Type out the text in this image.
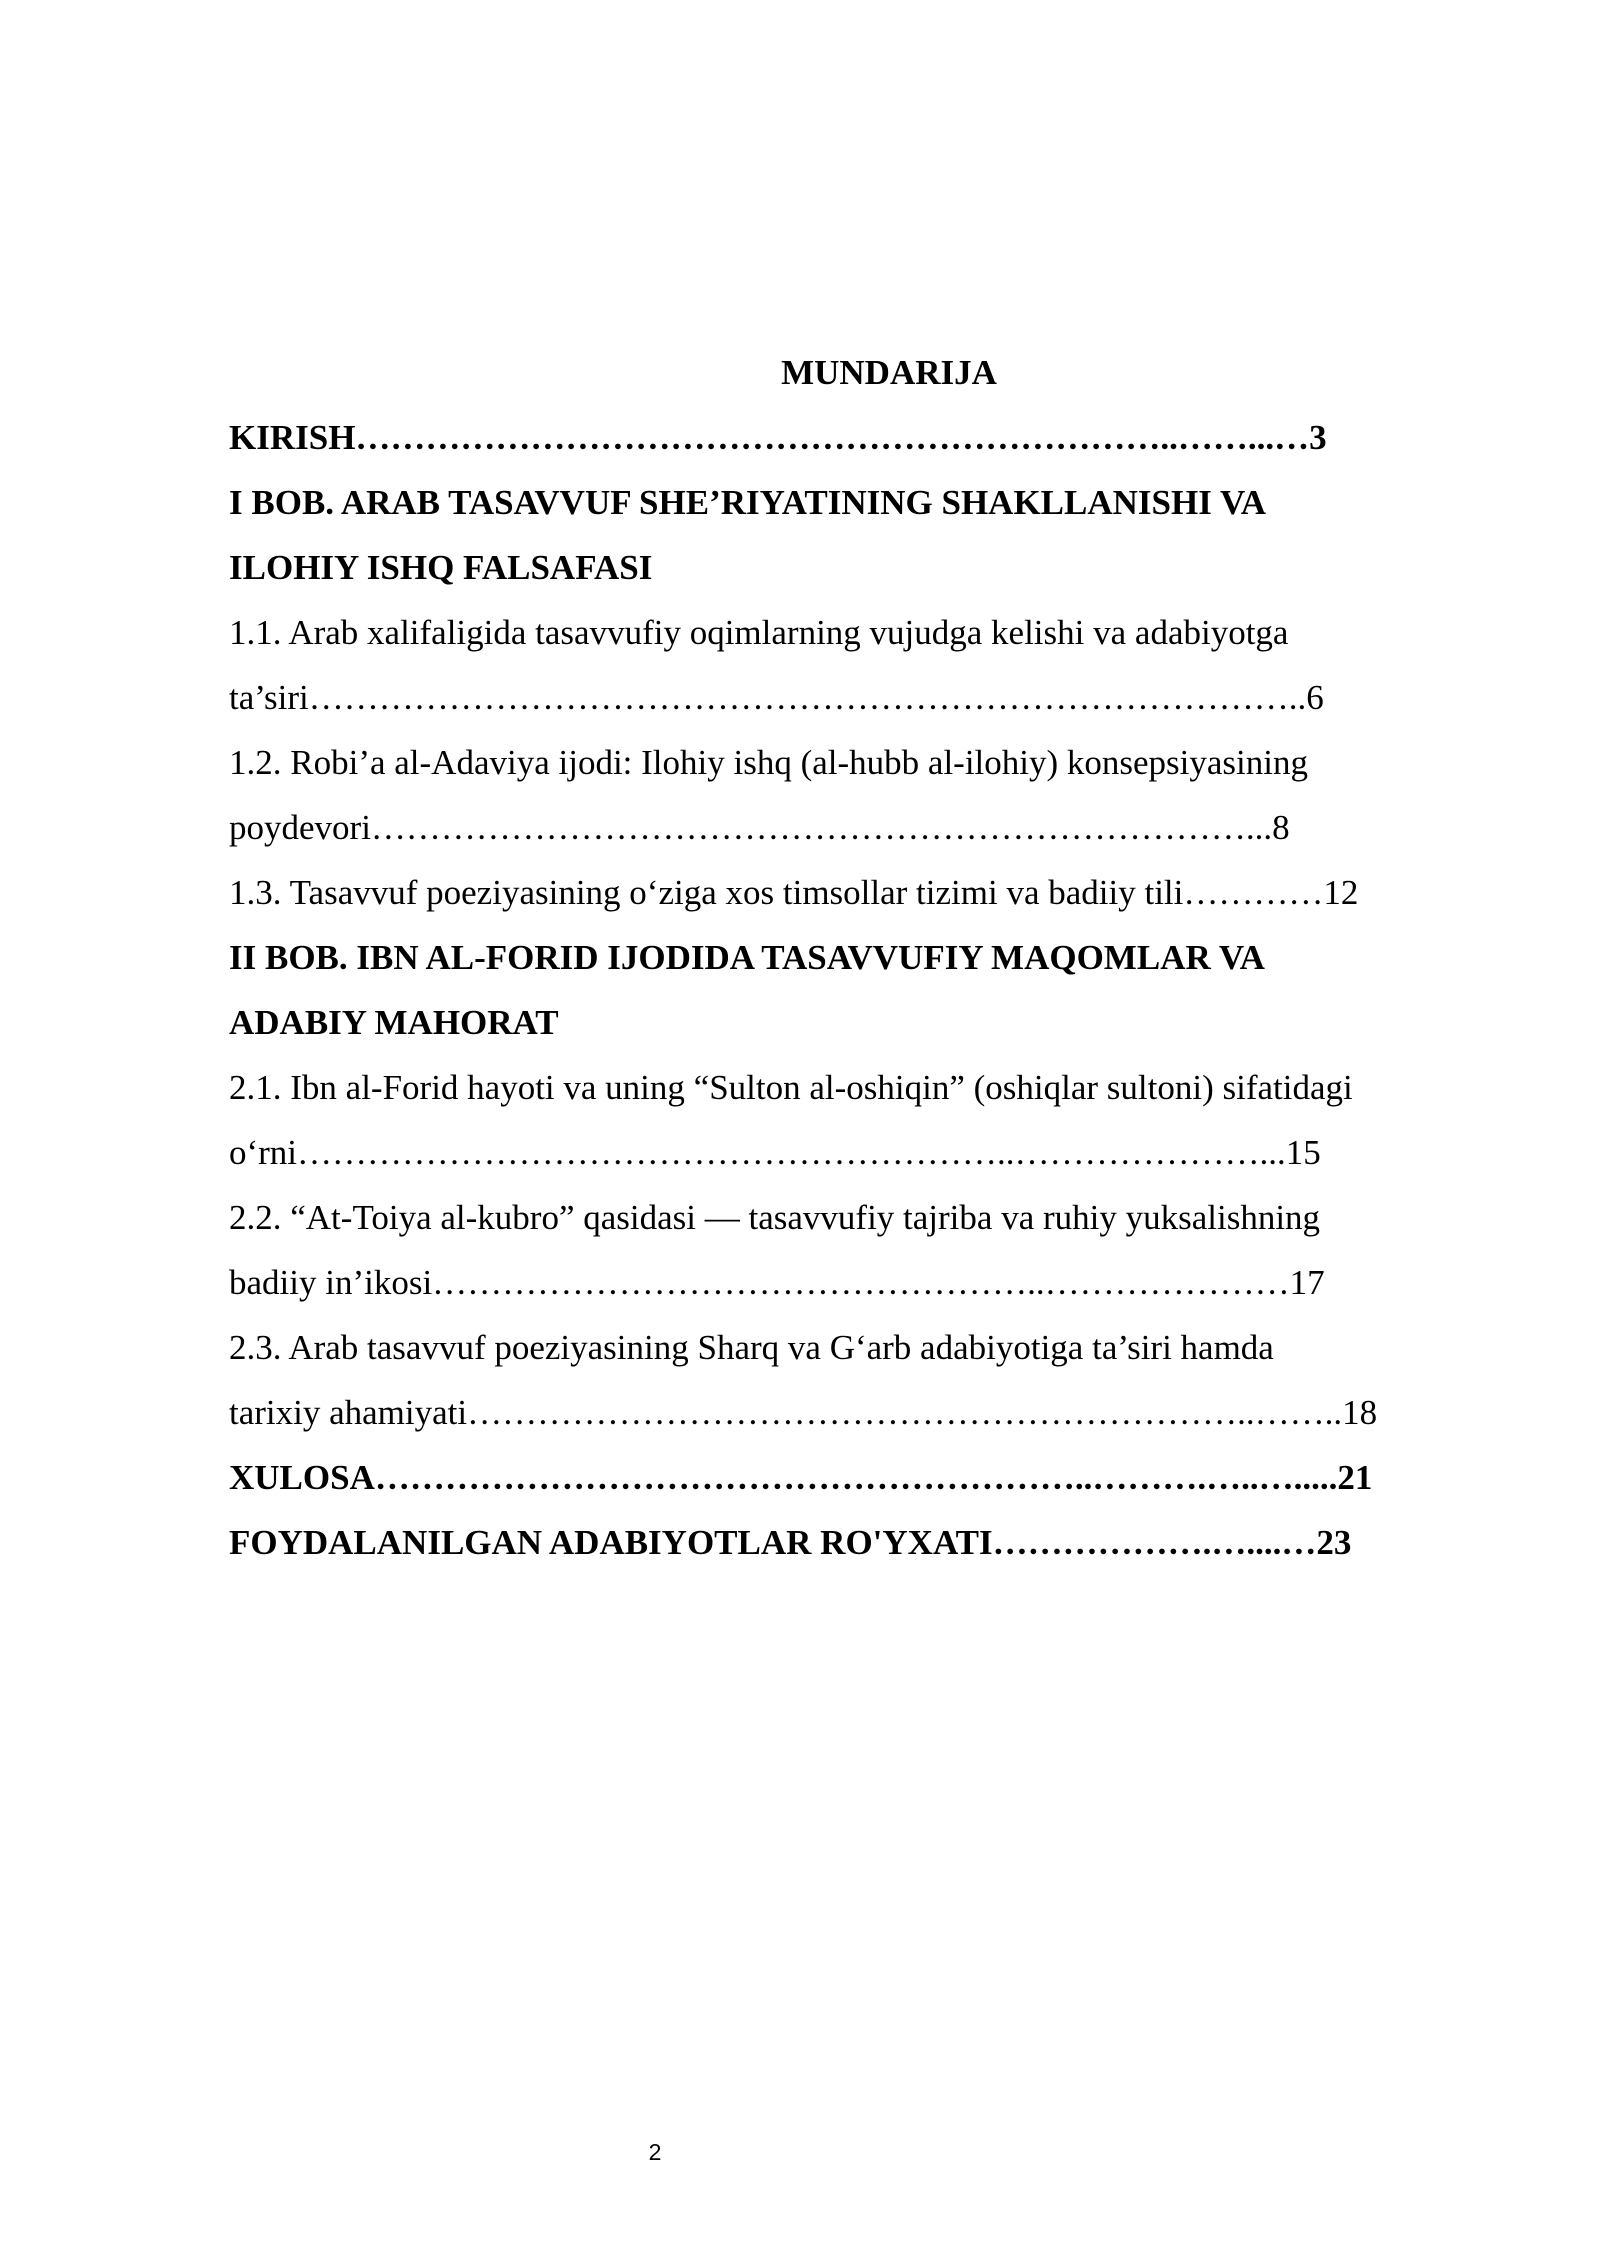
MUNDARIJA
KIRISH……………………………………………………………..……...…3
I BOB. ARAB TASAVVUF SHE’RIYATINING SHAKLLANISHI VA
ILOHIY ISHQ FALSAFASI
1.1. Arab xalifaligida tasavvufiy oqimlarning vujudga kelishi va adabiyotga
ta’siri…………………………………………………………………………..6
1.2. Robi’a al-Adaviya ijodi: Ilohiy ishq (al-hubb al-ilohiy) konsepsiyasining
poydevori…………………………………………………………………...8
1.3. Tasavvuf poeziyasining o‘ziga xos timsollar tizimi va badiiy tili…………12
II BOB. IBN AL-FORID IJODIDA TASAVVUFIY MAQOMLAR VA
ADABIY MAHORAT
2.1. Ibn al-Forid hayoti va uning “Sulton al-oshiqin” (oshiqlar sultoni) sifatidagi
o‘rni……………………………………………………..…………………...15
2.2. “At-Toiya al-kubro” qasidasi — tasavvufiy tajriba va ruhiy yuksalishning
badiiy in’ikosi……………………………………………..…………………17
2.3. Arab tasavvuf poeziyasining Sharq va G‘arb adabiyotiga ta’siri hamda
tarixiy ahamiyati…………………………………………………………..……..18
XULOSA……………………………………………………..……….…..….....21
FOYDALANILGAN ADABIYOTLAR RO'YXATI……………….…....…23
2
